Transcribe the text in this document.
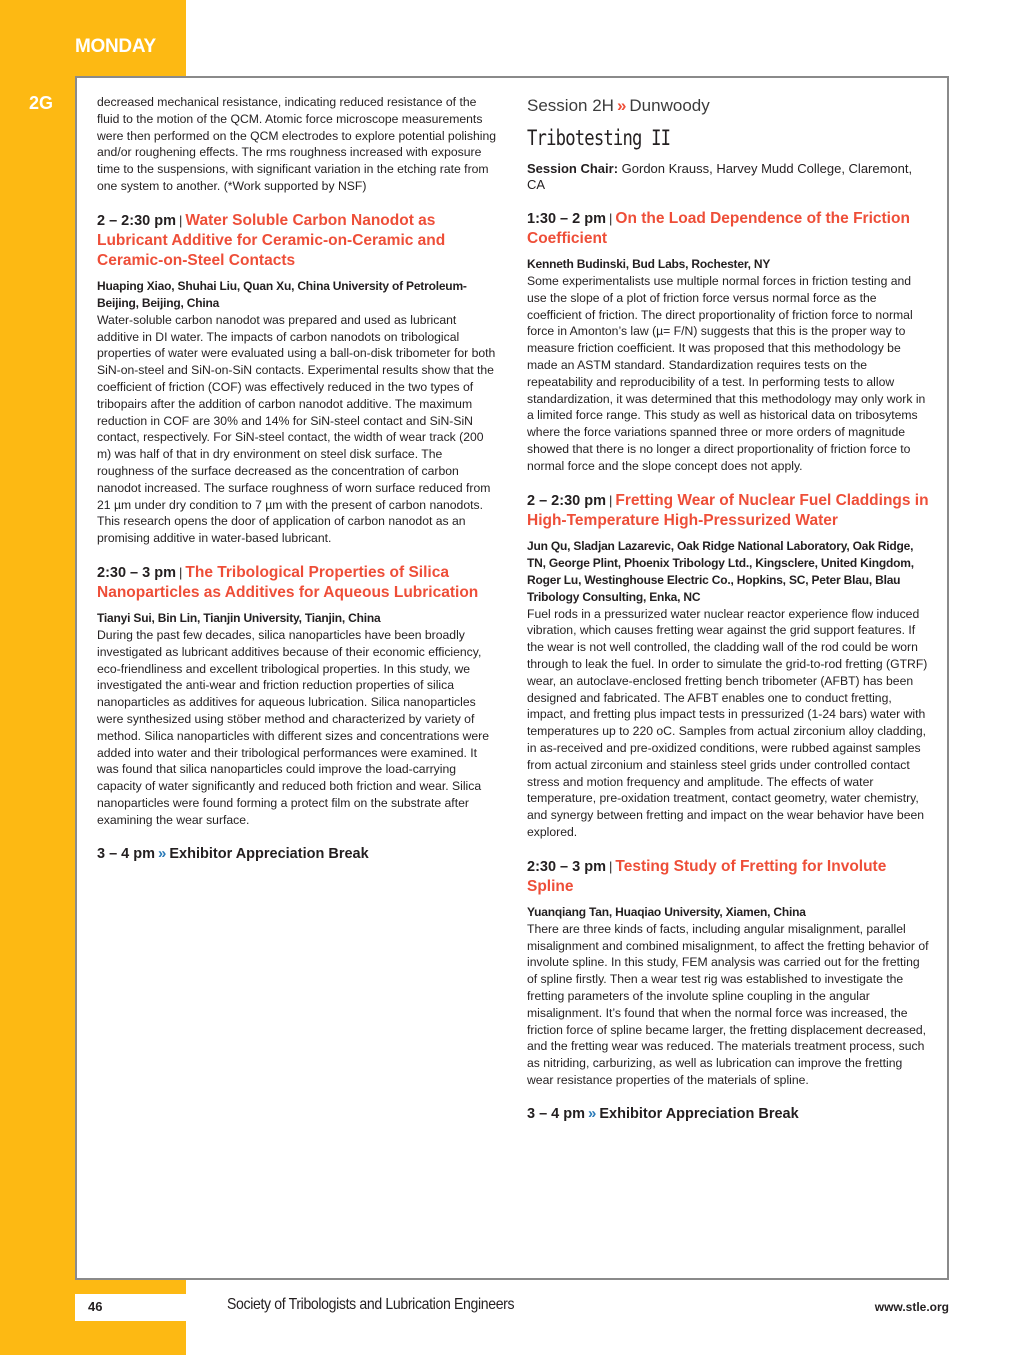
MONDAY
2G	decreased mechanical resistance, indicating reduced resistance of the fluid to the motion of the QCM. Atomic force microscope measurements were then performed on the QCM electrodes to explore potential polishing and/or roughening effects. The rms roughness increased with exposure time to the suspensions, with significant variation in the etching rate from one system to another. (*Work supported by NSF)

2 – 2:30 pm | Water Soluble Carbon Nanodot as Lubricant Additive for Ceramic-on-Ceramic and Ceramic-on-Steel Contacts
Huaping Xiao, Shuhai Liu, Quan Xu, China University of Petroleum-Beijing, Beijing, China

Water-soluble carbon nanodot was prepared and used as lubricant additive in DI water. The impacts of carbon nanodots on tribological properties of water were evaluated using a ball-on-disk tribometer for both SiN-on-steel and SiN-on-SiN contacts. Experimental results show that the coefficient of friction (COF) was effectively reduced in the two types of tribopairs after the addition of carbon nanodot additive. The maximum reduction in COF are 30% and 14% for SiN-steel contact and SiN-SiN contact, respectively. For SiN-steel contact, the width of wear track (200 m) was half of that in dry environment on steel disk surface. The roughness of the surface decreased as the concentration of carbon nanodot increased. The surface roughness of worn surface reduced from 21 µm under dry condition to 7 µm with the present of carbon nanodots. This research opens the door of application of carbon nanodot as an promising additive in water-based lubricant.

2:30 – 3 pm | The Tribological Properties of Silica Nanoparticles as Additives for Aqueous Lubrication
Tianyi Sui, Bin Lin, Tianjin University, Tianjin, China

During the past few decades, silica nanoparticles have been broadly investigated as lubricant additives because of their economic efficiency, eco-friendliness and excellent tribological properties. In this study, we investigated the anti-wear and friction reduction properties of silica nanoparticles as additives for aqueous lubrication. Silica nanoparticles were synthesized using stöber method and characterized by variety of method. Silica nanoparticles with different sizes and concentrations were added into water and their tribological performances were examined. It was found that silica nanoparticles could improve the load-carrying capacity of water significantly and reduced both friction and wear. Silica nanoparticles were found forming a protect film on the substrate after examining the wear surface.

3 – 4 pm » Exhibitor Appreciation Break
Session 2H » Dunwoody
Tribotesting II
Session Chair: Gordon Krauss, Harvey Mudd College, Claremont, CA
1:30 – 2 pm | On the Load Dependence of the Friction Coefficient
Kenneth Budinski, Bud Labs, Rochester, NY

Some experimentalists use multiple normal forces in friction testing and use the slope of a plot of friction force versus normal force as the coefficient of friction. The direct proportionality of friction force to normal force in Amonton’s law (µ= F/N) suggests that this is the proper way to measure friction coefficient. It was proposed that this methodology be made an ASTM standard. Standardization requires tests on the repeatability and reproducibility of a test. In performing tests to allow standardization, it was determined that this methodology may only work in a limited force range. This study as well as historical data on tribosytems where the force variations spanned three or more orders of magnitude showed that there is no longer a direct proportionality of friction force to normal force and the slope concept does not apply.

2 – 2:30 pm | Fretting Wear of Nuclear Fuel Claddings in High-Temperature High-Pressurized Water
Jun Qu, Sladjan Lazarevic, Oak Ridge National Laboratory, Oak Ridge, TN, George Plint, Phoenix Tribology Ltd., Kingsclere, United Kingdom, Roger Lu, Westinghouse Electric Co., Hopkins, SC, Peter Blau, Blau Tribology Consulting, Enka, NC

Fuel rods in a pressurized water nuclear reactor experience flow induced vibration, which causes fretting wear against the grid support features. If the wear is not well controlled, the cladding wall of the rod could be worn through to leak the fuel. In order to simulate the grid-to-rod fretting (GTRF) wear, an autoclave-enclosed fretting bench tribometer (AFBT) has been designed and fabricated. The AFBT enables one to conduct fretting, impact, and fretting plus impact tests in pressurized (1-24 bars) water with temperatures up to 220 oC. Samples from actual zirconium alloy cladding, in as-received and pre-oxidized conditions, were rubbed against samples from actual zirconium and stainless steel grids under controlled contact stress and motion frequency and amplitude. The effects of water temperature, pre-oxidation treatment, contact geometry, water chemistry, and synergy between fretting and impact on the wear behavior have been explored.

2:30 – 3 pm | Testing Study of Fretting for Involute Spline
Yuanqiang Tan, Huaqiao University, Xiamen, China

There are three kinds of facts, including angular misalignment, parallel misalignment and combined misalignment, to affect the fretting behavior of involute spline. In this study, FEM analysis was carried out for the fretting of spline firstly. Then a wear test rig was established to investigate the fretting parameters of the involute spline coupling in the angular misalignment. It’s found that when the normal force was increased, the friction force of spline became larger, the fretting displacement decreased, and the fretting wear was reduced. The materials treatment process, such as nitriding, carburizing, as well as lubrication can improve the fretting wear resistance properties of the materials of spline.

3 – 4 pm » Exhibitor Appreciation Break
46	Society of Tribologists and Lubrication Engineers	www.stle.org
